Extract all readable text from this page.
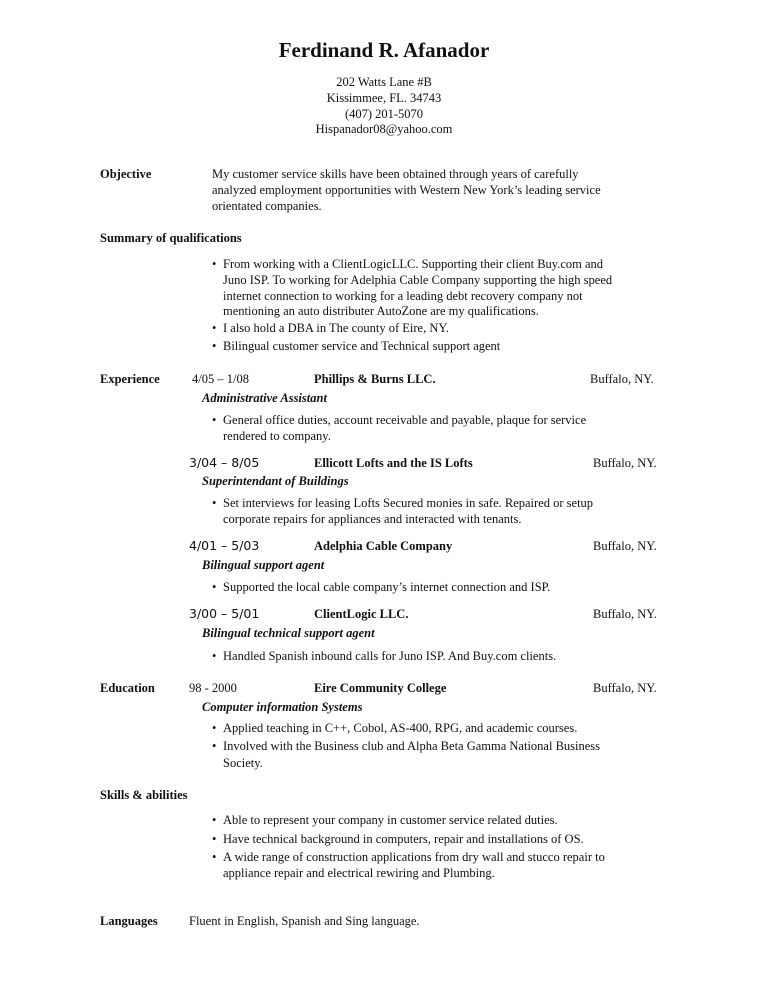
Ferdinand R. Afanador
202 Watts Lane #B
Kissimmee, FL. 34743
(407) 201-5070
Hispanador08@yahoo.com
Objective	My customer service skills have been obtained through years of carefully
analyzed employment opportunities with Western New York’s leading service
orientated companies.
Summary of qualifications
• From working with a ClientLogicLLC. Supporting their client Buy.com and
Juno ISP. To working for Adelphia Cable Company supporting the high speed
internet connection to working for a leading debt recovery company not
mentioning an auto distributer AutoZone are my qualifications.
• I also hold a DBA in The county of Eire, NY.
• Bilingual customer service and Technical support agent
Experience	4/05 – 1/08	Phillips & Burns LLC.	Buffalo, NY.
Administrative Assistant
• General office duties, account receivable and payable, plaque for service
rendered to company.
3/04 – 8/05	Ellicott Lofts and the IS Lofts	Buffalo, NY.
Superintendant of Buildings
• Set interviews for leasing Lofts Secured monies in safe. Repaired or setup
corporate repairs for appliances and interacted with tenants.
4/01 – 5/03	Adelphia Cable Company	Buffalo, NY.
Bilingual support agent
• Supported the local cable company’s internet connection and ISP.
3/00 – 5/01	ClientLogic LLC.	Buffalo, NY.
Bilingual technical support agent
• Handled Spanish inbound calls for Juno ISP. And Buy.com clients.
Education	98 - 2000	Eire Community College	Buffalo, NY.
Computer information Systems
• Applied teaching in C++, Cobol, AS-400, RPG, and academic courses.
• Involved with the Business club and Alpha Beta Gamma National Business
Society.
Skills & abilities
• Able to represent your company in customer service related duties.
• Have technical background in computers, repair and installations of OS.
• A wide range of construction applications from dry wall and stucco repair to
appliance repair and electrical rewiring and Plumbing.
Languages	Fluent in English, Spanish and Sing language.
